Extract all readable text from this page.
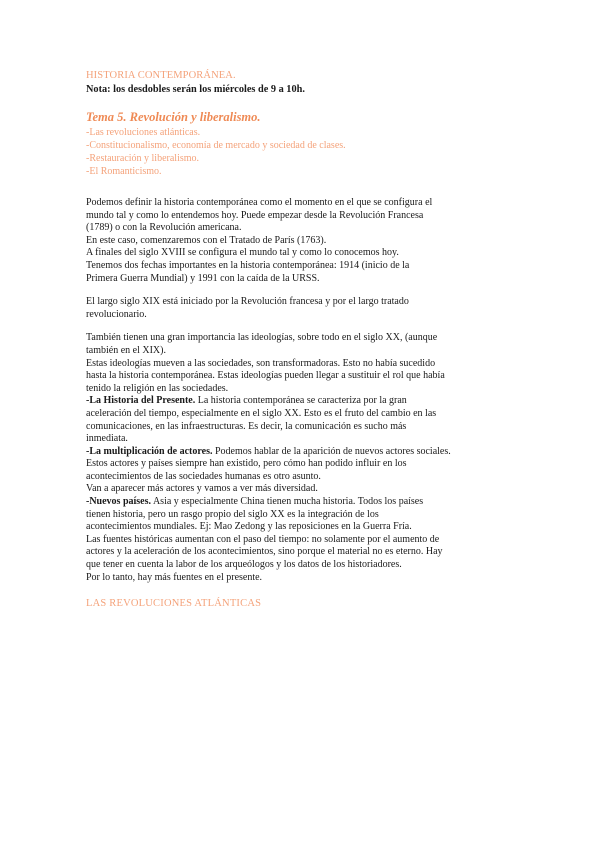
HISTORIA CONTEMPORÁNEA.
Nota: los desdobles serán los miércoles de 9 a 10h.
Tema 5. Revolución y liberalismo.
-Las revoluciones atlánticas.
-Constitucionalismo, economía de mercado y sociedad de clases.
-Restauración y liberalismo.
-El Romanticismo.

Podemos definir la historia contemporánea como el momento en el que se configura el

mundo tal y como lo entendemos hoy. Puede empezar desde la Revolución Francesa

(1789) o con la Revolución americana.

En este caso, comenzaremos con el Tratado de París (1763).

A finales del siglo XVIII se configura el mundo tal y como lo conocemos hoy.

Tenemos dos fechas importantes en la historia contemporánea: 1914 (inicio de la

Primera Guerra Mundial) y 1991 con la caída de la URSS.

El largo siglo XIX está iniciado por la Revolución francesa y por el largo tratado

revolucionario.

También tienen una gran importancia las ideologías, sobre todo en el siglo XX, (aunque

también en el XIX).

Estas ideologías mueven a las sociedades, son transformadoras. Esto no había sucedido

hasta la historia contemporánea. Estas ideologías pueden llegar a sustituir el rol que había

tenido la religión en las sociedades.

-La Historia del Presente. La historia contemporánea se caracteriza por la gran

aceleración del tiempo, especialmente en el siglo XX. Esto es el fruto del cambio en las

comunicaciones, en las infraestructuras. Es decir, la comunicación es sucho más

inmediata.

-La multiplicación de actores. Podemos hablar de la aparición de nuevos actores sociales.

Estos actores y países siempre han existido, pero cómo han podido influir en los

acontecimientos de las sociedades humanas es otro asunto.

Van a aparecer más actores y vamos a ver más diversidad.

-Nuevos países. Asia y especialmente China tienen mucha historia. Todos los países

tienen historia, pero un rasgo propio del siglo XX es la integración de los

acontecimientos mundiales. Ej: Mao Zedong y las reposiciones en la Guerra Fría.

Las fuentes históricas aumentan con el paso del tiempo: no solamente por el aumento de

actores y la aceleración de los acontecimientos, sino porque el material no es eterno. Hay

que tener en cuenta la labor de los arqueólogos y los datos de los historiadores.

Por lo tanto, hay más fuentes en el presente.

LAS REVOLUCIONES ATLÁNTICAS
